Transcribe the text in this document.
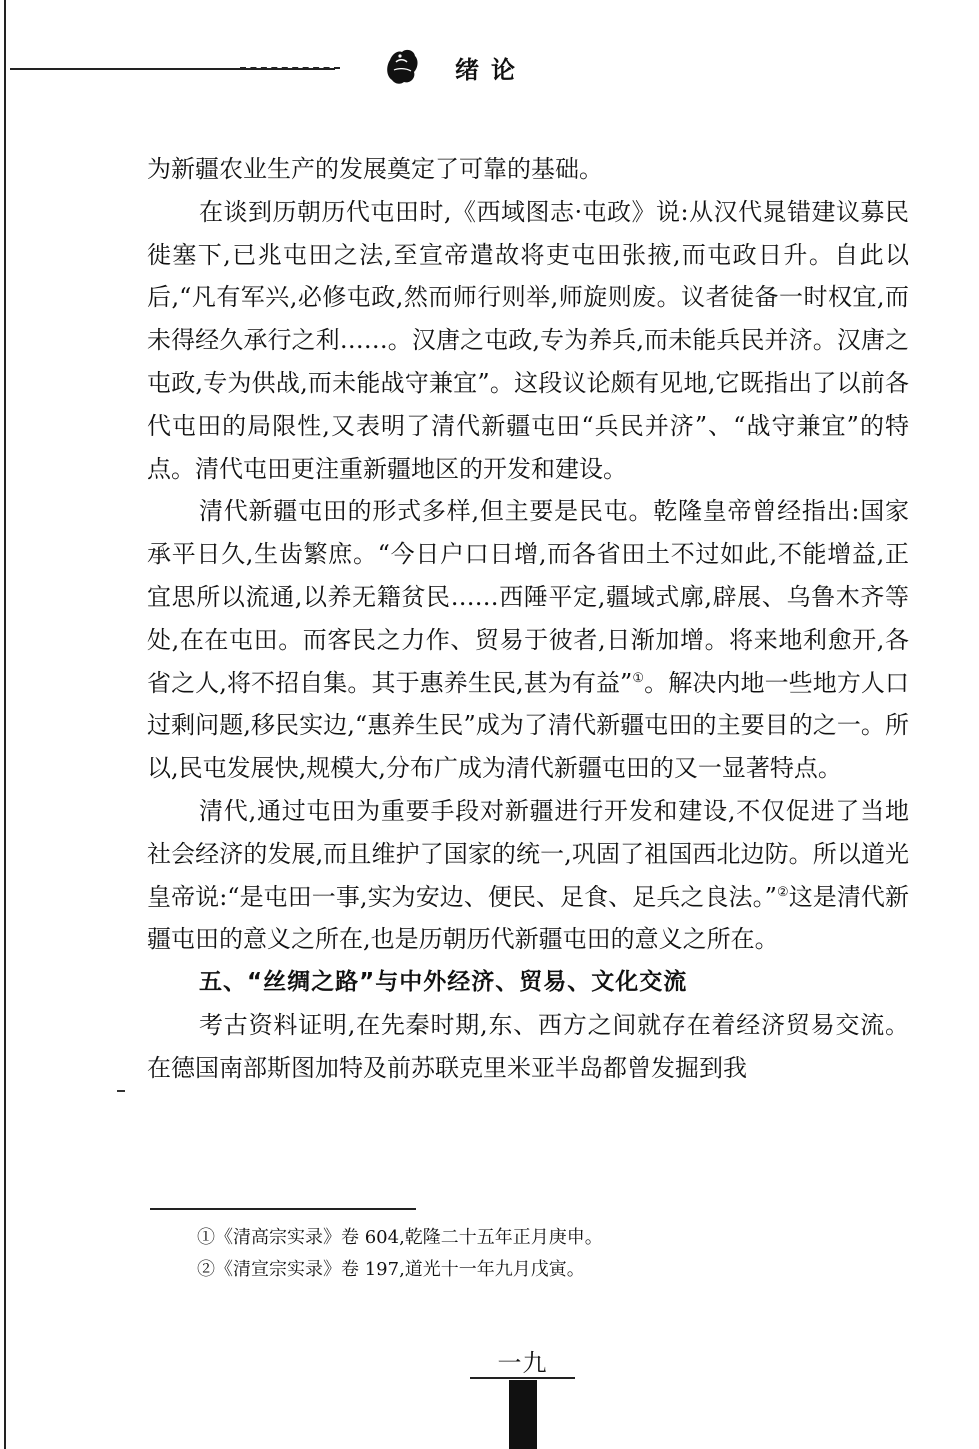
绪论

为新疆农业生产的发展奠定了可靠的基础。

在谈到历朝历代屯田时,《西域图志·屯政》说:从汉代晁错建议募民徙塞下,已兆屯田之法,至宣帝遣故将吏屯田张掖,而屯政日升。自此以后,“凡有军兴,必修屯政,然而师行则举,师旋则废。议者徒备一时权宜,而未得经久承行之利……。汉唐之屯政,专为养兵,而未能兵民并济。汉唐之屯政,专为供战,而未能战守兼宜”。这段议论颇有见地,它既指出了以前各代屯田的局限性,又表明了清代新疆屯田“兵民并济”、“战守兼宜”的特点。清代屯田更注重新疆地区的开发和建设。

清代新疆屯田的形式多样,但主要是民屯。乾隆皇帝曾经指出:国家承平日久,生齿繁庶。“今日户口日增,而各省田土不过如此,不能增益,正宜思所以流通,以养无籍贫民……西陲平定,疆域式廓,辟展、乌鲁木齐等处,在在屯田。而客民之力作、贸易于彼者,日渐加增。将来地利愈开,各省之人,将不招自集。其于惠养生民,甚为有益”①。解决内地一些地方人口过剩问题,移民实边,“惠养生民”成为了清代新疆屯田的主要目的之一。所以,民屯发展快,规模大,分布广成为清代新疆屯田的又一显著特点。

清代,通过屯田为重要手段对新疆进行开发和建设,不仅促进了当地社会经济的发展,而且维护了国家的统一,巩固了祖国西北边防。所以道光皇帝说:“是屯田一事,实为安边、便民、足食、足兵之良法。”②这是清代新疆屯田的意义之所在,也是历朝历代新疆屯田的意义之所在。

五、“丝绸之路”与中外经济、贸易、文化交流

考古资料证明,在先秦时期,东、西方之间就存在着经济贸易交流。在德国南部斯图加特及前苏联克里米亚半岛都曾发掘到我

①《清高宗实录》卷 604,乾隆二十五年正月庚申。

②《清宣宗实录》卷 197,道光十一年九月戊寅。

一九
